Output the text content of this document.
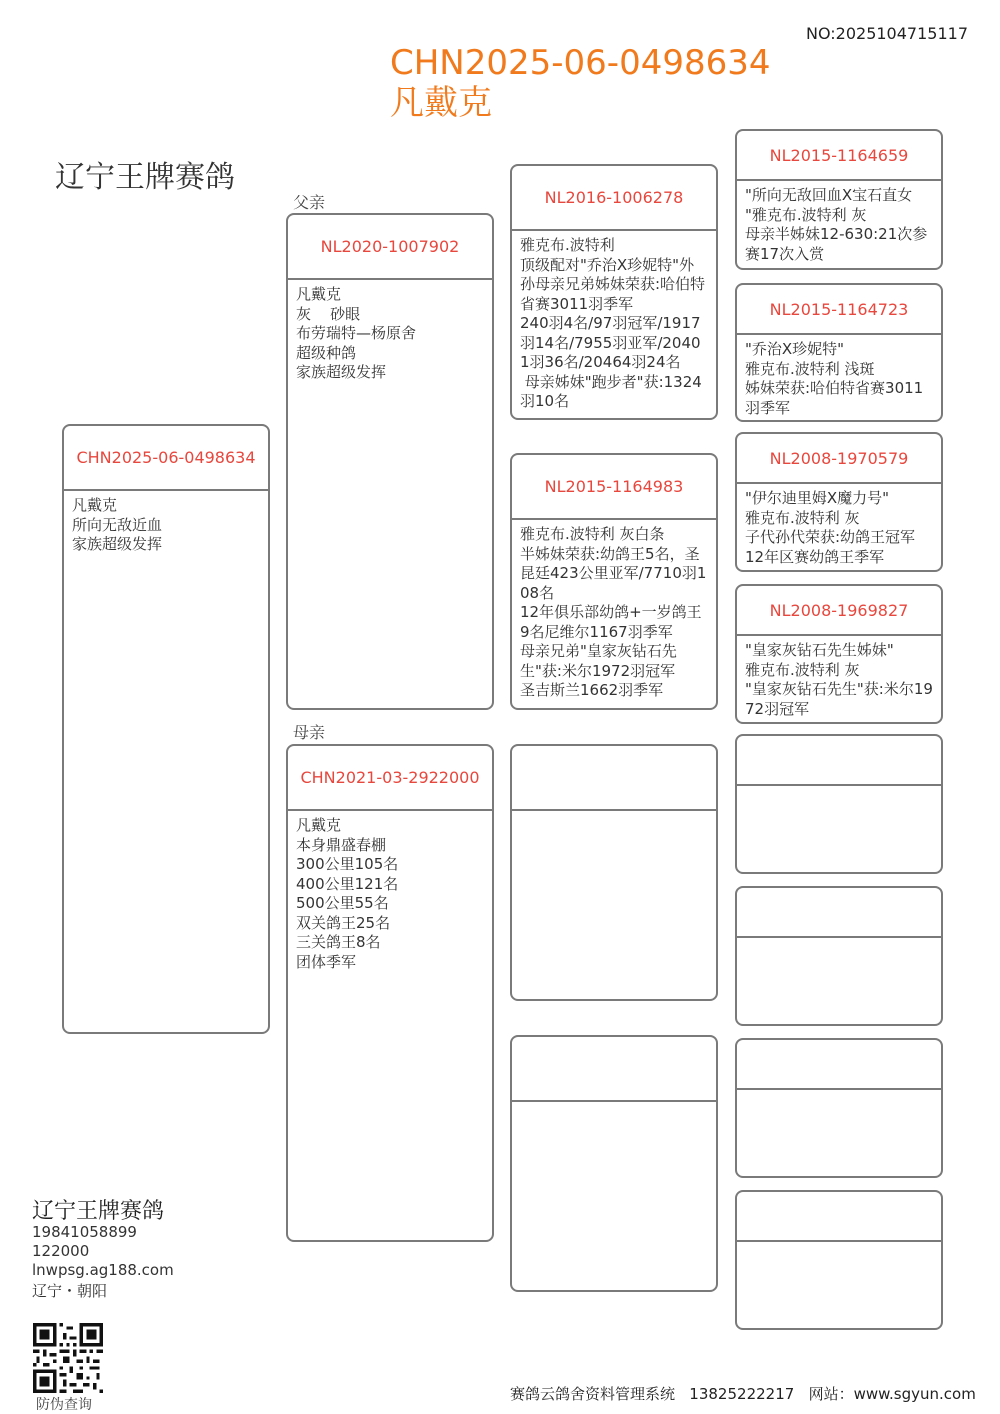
NO:2025104715117
CHN2025-06-0498634
凡戴克
辽宁王牌赛鸽
父亲
母亲
CHN2025-06-0498634
凡戴克
所向无敌近血
家族超级发挥
NL2020-1007902
凡戴克
灰    砂眼
布劳瑞特—杨原舍
超级种鸽
家族超级发挥
CHN2021-03-2922000
凡戴克
本身鼎盛春棚
300公里105名
400公里121名
500公里55名
双关鸽王25名
三关鸽王8名
团体季军
NL2016-1006278
雅克布.波特利
顶级配对"乔治X珍妮特"外孙母亲兄弟姊妹荣获:哈伯特省赛3011羽季军
240羽4名/97羽冠军/1917羽14名/7955羽亚军/20401羽36名/20464羽24名
母亲姊妹"跑步者"获:1324羽10名
NL2015-1164983
雅克布.波特利 灰白条
半姊妹荣获:幼鸽王5名，圣昆廷423公里亚军/7710羽108名
12年俱乐部幼鸽+一岁鸽王9名尼维尔1167羽季军
母亲兄弟"皇家灰钻石先生"获:米尔1972羽冠军
圣吉斯兰1662羽季军
NL2015-1164659
"所向无敌回血X宝石直女
"雅克布.波特利 灰
母亲半姊妹12-630:21次参赛17次入赏
NL2015-1164723
"乔治X珍妮特"
雅克布.波特利 浅斑
姊妹荣获:哈伯特省赛3011羽季军
NL2008-1970579
"伊尔迪里姆X魔力号"
雅克布.波特利 灰
子代孙代荣获:幼鸽王冠军
12年区赛幼鸽王季军
NL2008-1969827
"皇家灰钻石先生姊妹"
雅克布.波特利 灰
"皇家灰钻石先生"获:米尔1972羽冠军
辽宁王牌赛鸽
19841058899
122000
lnwpsg.ag188.com
辽宁・朝阳
防伪查询
赛鸽云鸽舍资料管理系统   13825222217   网站：www.sgyun.com
